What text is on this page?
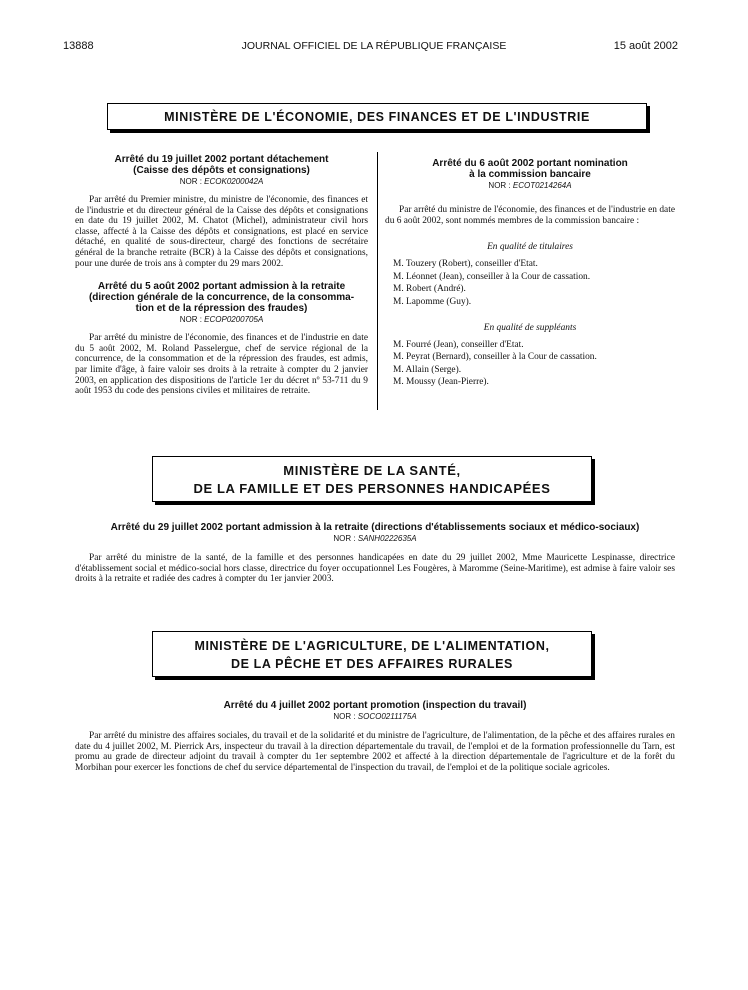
13888	JOURNAL OFFICIEL DE LA RÉPUBLIQUE FRANÇAISE	15 août 2002
MINISTÈRE DE L'ÉCONOMIE, DES FINANCES ET DE L'INDUSTRIE
Arrêté du 19 juillet 2002 portant détachement
(Caisse des dépôts et consignations)
NOR : ECOK0200042A
Par arrêté du Premier ministre, du ministre de l'économie, des finances et de l'industrie et du directeur général de la Caisse des dépôts et consignations en date du 19 juillet 2002, M. Chatot (Michel), administrateur civil hors classe, affecté à la Caisse des dépôts et consignations, est placé en service détaché, en qualité de sous-directeur, chargé des fonctions de secrétaire général de la branche retraite (BCR) à la Caisse des dépôts et consignations, pour une durée de trois ans à compter du 29 mars 2002.
Arrêté du 5 août 2002 portant admission à la retraite
(direction générale de la concurrence, de la consomma-
tion et de la répression des fraudes)
NOR : ECOP0200705A
Par arrêté du ministre de l'économie, des finances et de l'industrie en date du 5 août 2002, M. Roland Passelergue, chef de service régional de la concurrence, de la consommation et de la répression des fraudes, est admis, par limite d'âge, à faire valoir ses droits à la retraite à compter du 2 janvier 2003, en application des dispositions de l'article 1er du décret nº 53-711 du 9 août 1953 du code des pensions civiles et militaires de retraite.
Arrêté du 6 août 2002 portant nomination
à la commission bancaire
NOR : ECOT0214264A
Par arrêté du ministre de l'économie, des finances et de l'industrie en date du 6 août 2002, sont nommés membres de la commission bancaire :
En qualité de titulaires
M. Touzery (Robert), conseiller d'Etat.
M. Léonnet (Jean), conseiller à la Cour de cassation.
M. Robert (André).
M. Lapomme (Guy).
En qualité de suppléants
M. Fourré (Jean), conseiller d'Etat.
M. Peyrat (Bernard), conseiller à la Cour de cassation.
M. Allain (Serge).
M. Moussy (Jean-Pierre).
MINISTÈRE DE LA SANTÉ,
DE LA FAMILLE ET DES PERSONNES HANDICAPÉES
Arrêté du 29 juillet 2002 portant admission à la retraite (directions d'établissements sociaux et médico-sociaux)
NOR : SANH0222635A
Par arrêté du ministre de la santé, de la famille et des personnes handicapées en date du 29 juillet 2002, Mme Mauricette Lespinasse, directrice d'établissement social et médico-social hors classe, directrice du foyer occupationnel Les Fougères, à Maromme (Seine-Maritime), est admise à faire valoir ses droits à la retraite et radiée des cadres à compter du 1er janvier 2003.
MINISTÈRE DE L'AGRICULTURE, DE L'ALIMENTATION,
DE LA PÊCHE ET DES AFFAIRES RURALES
Arrêté du 4 juillet 2002 portant promotion (inspection du travail)
NOR : SOCO0211175A
Par arrêté du ministre des affaires sociales, du travail et de la solidarité et du ministre de l'agriculture, de l'alimentation, de la pêche et des affaires rurales en date du 4 juillet 2002, M. Pierrick Ars, inspecteur du travail à la direction départementale du travail, de l'emploi et de la formation professionnelle du Tarn, est promu au grade de directeur adjoint du travail à compter du 1er septembre 2002 et affecté à la direction départementale de l'agriculture et de la forêt du Morbihan pour exercer les fonctions de chef du service départemental de l'inspection du travail, de l'emploi et de la politique sociale agricoles.
